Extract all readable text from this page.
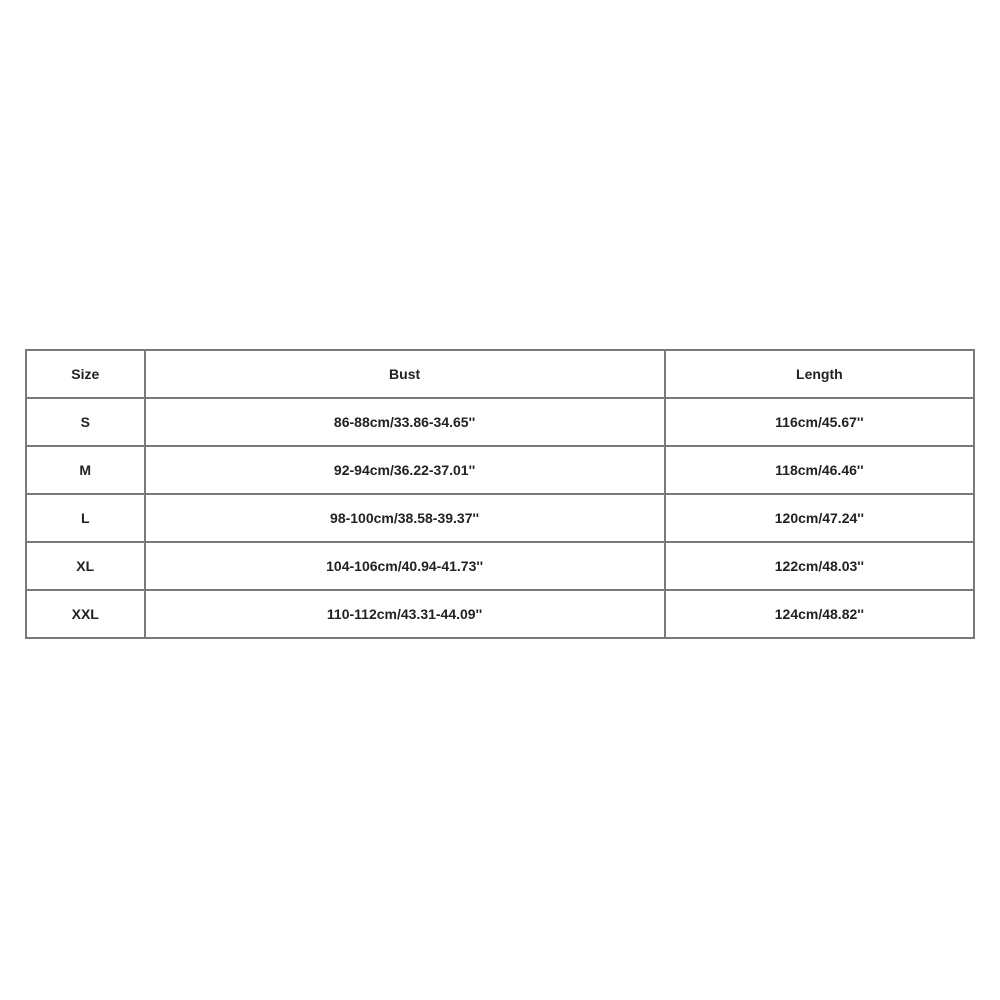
Size	Bust	Length
S	86-88cm/33.86-34.65''	116cm/45.67''
M	92-94cm/36.22-37.01''	118cm/46.46''
L	98-100cm/38.58-39.37''	120cm/47.24''
XL	104-106cm/40.94-41.73''	122cm/48.03''
XXL	110-112cm/43.31-44.09''	124cm/48.82''
